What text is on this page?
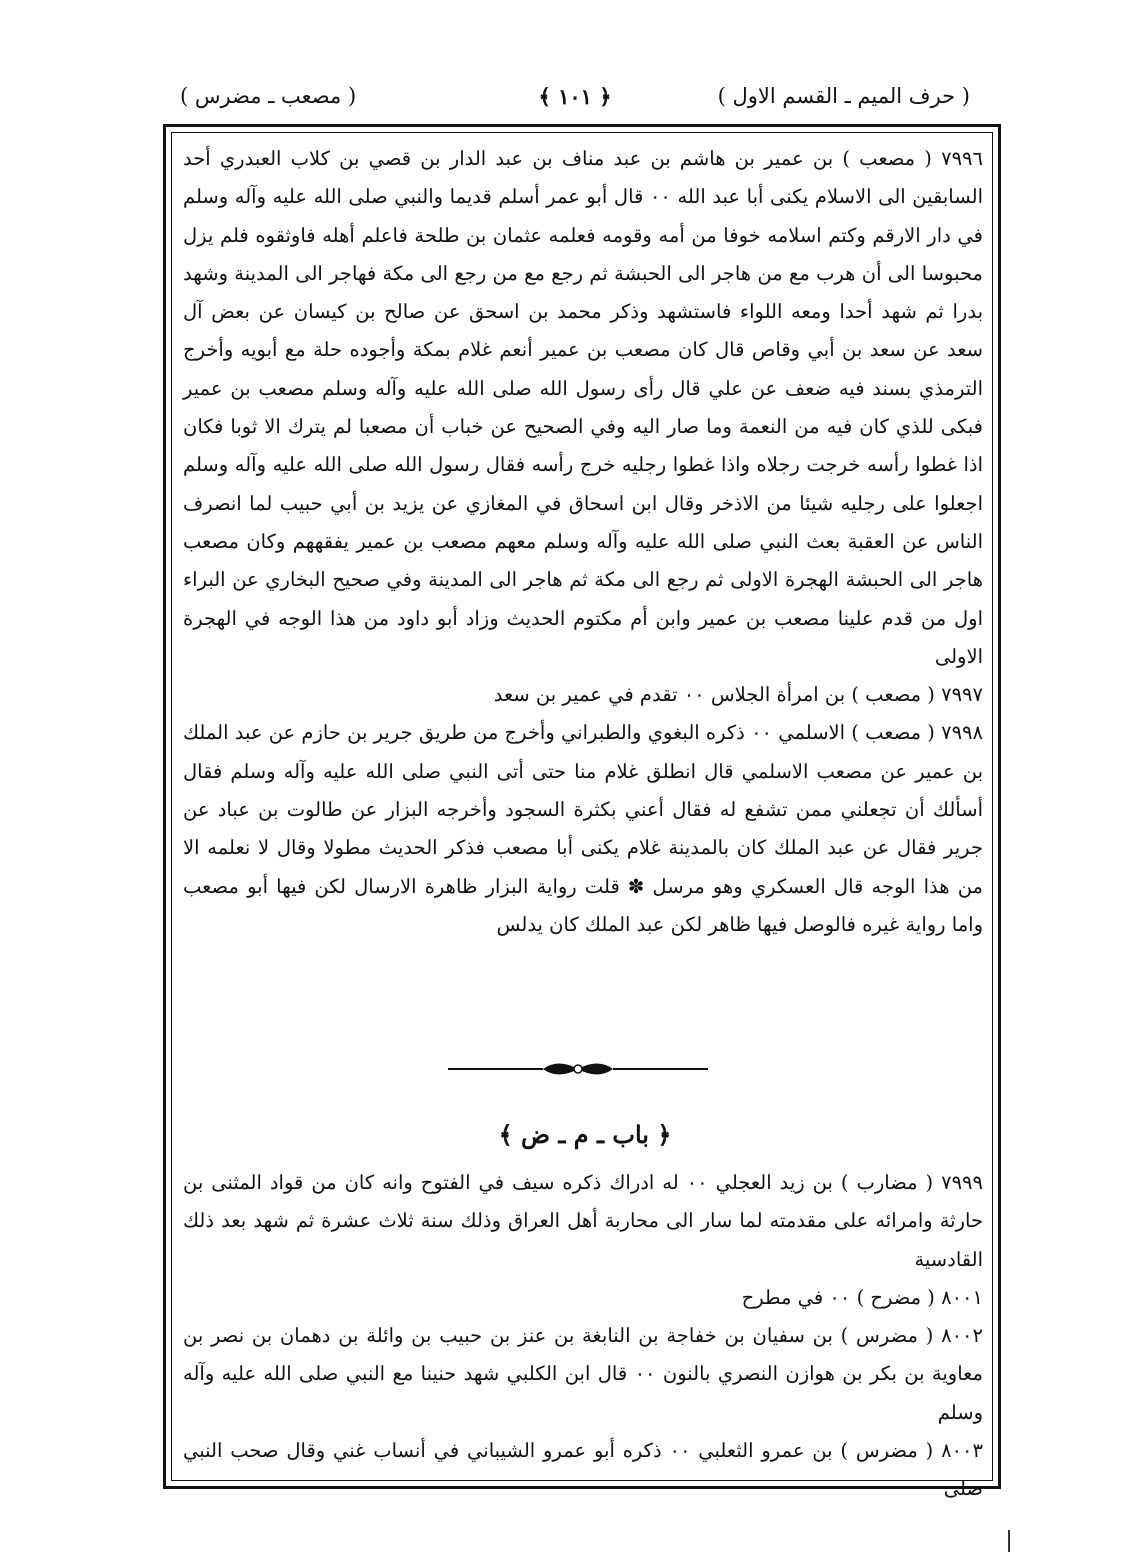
( حرف الميم ـ القسم الاول )
﴿ ١٠١ ﴾
( مصعب ـ مضرس )

٧٩٩٦ ( مصعب ) بن عمير بن هاشم بن عبد مناف بن عبد الدار بن قصي بن كلاب العبدري أحد السابقين الى الاسلام يكنى أبا عبد الله ٠٠ قال أبو عمر أسلم قديما والنبي صلى الله عليه وآله وسلم في دار الارقم وكتم اسلامه خوفا من أمه وقومه فعلمه عثمان بن طلحة فاعلم أهله فاوثقوه فلم يزل محبوسا الى أن هرب مع من هاجر الى الحبشة ثم رجع مع من رجع الى مكة فهاجر الى المدينة وشهد بدرا ثم شهد أحدا ومعه اللواء فاستشهد وذكر محمد بن اسحق عن صالح بن كيسان عن بعض آل سعد عن سعد بن أبي وقاص قال كان مصعب بن عمير أنعم غلام بمكة وأجوده حلة مع أبويه وأخرج الترمذي بسند فيه ضعف عن علي قال رأى رسول الله صلى الله عليه وآله وسلم مصعب بن عمير فبكى للذي كان فيه من النعمة وما صار اليه وفي الصحيح عن خباب أن مصعبا لم يترك الا ثوبا فكان اذا غطوا رأسه خرجت رجلاه واذا غطوا رجليه خرج رأسه فقال رسول الله صلى الله عليه وآله وسلم اجعلوا على رجليه شيئا من الاذخر وقال ابن اسحاق في المغازي عن يزيد بن أبي حبيب لما انصرف الناس عن العقبة بعث النبي صلى الله عليه وآله وسلم معهم مصعب بن عمير يفقههم وكان مصعب هاجر الى الحبشة الهجرة الاولى ثم رجع الى مكة ثم هاجر الى المدينة وفي صحيح البخاري عن البراء اول من قدم علينا مصعب بن عمير وابن أم مكتوم الحديث وزاد أبو داود من هذا الوجه في الهجرة الاولى

٧٩٩٧ ( مصعب ) بن امرأة الجلاس ٠٠ تقدم في عمير بن سعد

٧٩٩٨ ( مصعب ) الاسلمي ٠٠ ذكره البغوي والطبراني وأخرج من طريق جرير بن حازم عن عبد الملك بن عمير عن مصعب الاسلمي قال انطلق غلام منا حتى أتى النبي صلى الله عليه وآله وسلم فقال أسألك أن تجعلني ممن تشفع له فقال أعني بكثرة السجود وأخرجه البزار عن طالوت بن عباد عن جرير فقال عن عبد الملك كان بالمدينة غلام يكنى أبا مصعب فذكر الحديث مطولا وقال لا نعلمه الا من هذا الوجه قال العسكري وهو مرسل ✽ قلت رواية البزار ظاهرة الارسال لكن فيها أبو مصعب واما رواية غيره فالوصل فيها ظاهر لكن عبد الملك كان يدلس

﴿ باب ـ م ـ ض ﴾

٧٩٩٩ ( مضارب ) بن زيد العجلي ٠٠ له ادراك ذكره سيف في الفتوح وانه كان من قواد المثنى بن حارثة وامرائه على مقدمته لما سار الى محاربة أهل العراق وذلك سنة ثلاث عشرة ثم شهد بعد ذلك القادسية

٨٠٠١ ( مضرح ) ٠٠ في مطرح

٨٠٠٢ ( مضرس ) بن سفيان بن خفاجة بن النابغة بن عنز بن حبيب بن وائلة بن دهمان بن نصر بن معاوية بن بكر بن هوازن النصري بالنون ٠٠ قال ابن الكلبي شهد حنينا مع النبي صلى الله عليه وآله وسلم

٨٠٠٣ ( مضرس ) بن عمرو الثعلبي ٠٠ ذكره أبو عمرو الشيباني في أنساب غني وقال صحب النبي صلى
